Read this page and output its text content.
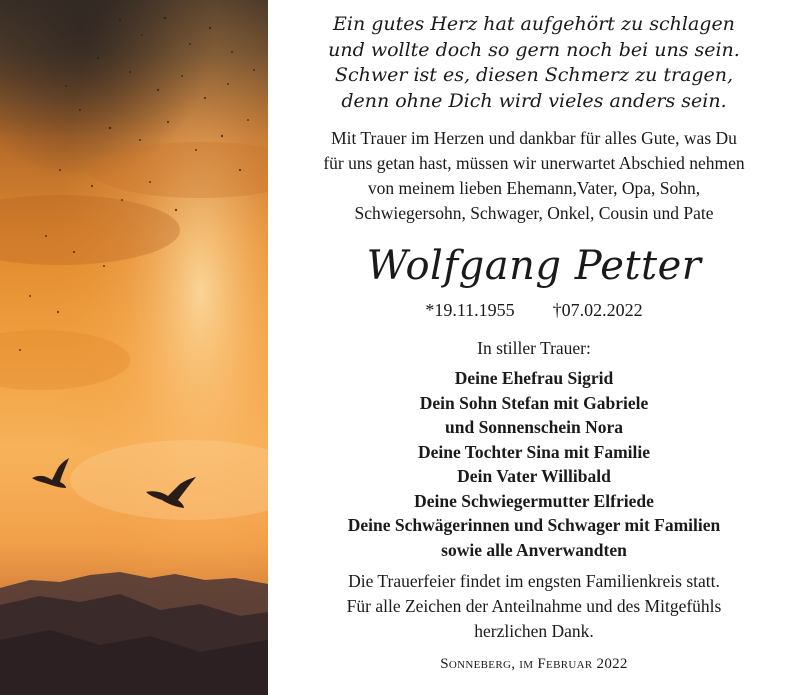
Ein gutes Herz hat aufgehört zu schlagen
und wollte doch so gern noch bei uns sein.
Schwer ist es, diesen Schmerz zu tragen,
denn ohne Dich wird vieles anders sein.
Mit Trauer im Herzen und dankbar für alles Gute, was Du
für uns getan hast, müssen wir unerwartet Abschied nehmen
von meinem lieben Ehemann,Vater, Opa, Sohn,
Schwiegersohn, Schwager, Onkel, Cousin und Pate
Wolfgang Petter
*19.11.1955 †07.02.2022
In stiller Trauer:
Deine Ehefrau Sigrid
Dein Sohn Stefan mit Gabriele
und Sonnenschein Nora
Deine Tochter Sina mit Familie
Dein Vater Willibald
Deine Schwiegermutter Elfriede
Deine Schwägerinnen und Schwager mit Familien
sowie alle Anverwandten
Die Trauerfeier findet im engsten Familienkreis statt.
Für alle Zeichen der Anteilnahme und des Mitgefühls
herzlichen Dank.
Sonneberg, im Februar 2022
